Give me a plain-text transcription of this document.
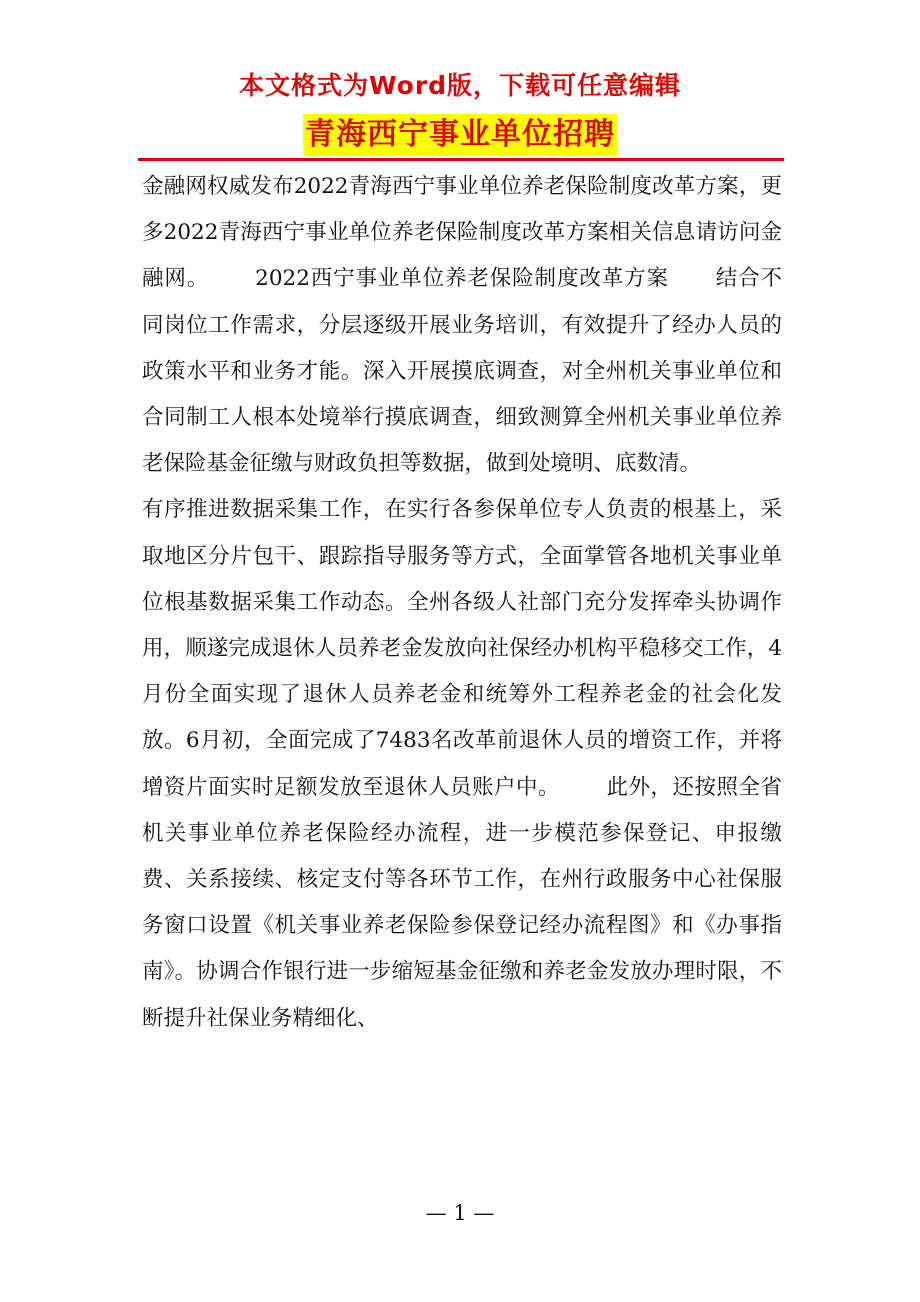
本文格式为Word版，下载可任意编辑
青海西宁事业单位招聘

金融网权威发布2022青海西宁事业单位养老保险制度改革方案，更多2022青海西宁事业单位养老保险制度改革方案相关信息请访问金融网。 2022西宁事业单位养老保险制度改革方案 结合不同岗位工作需求，分层逐级开展业务培训，有效提升了经办人员的政策水平和业务才能。深入开展摸底调查，对全州机关事业单位和合同制工人根本处境举行摸底调查，细致测算全州机关事业单位养老保险基金征缴与财政负担等数据，做到处境明、底数清。

有序推进数据采集工作，在实行各参保单位专人负责的根基上，采取地区分片包干、跟踪指导服务等方式，全面掌管各地机关事业单位根基数据采集工作动态。全州各级人社部门充分发挥牵头协调作用，顺遂完成退休人员养老金发放向社保经办机构平稳移交工作，4月份全面实现了退休人员养老金和统筹外工程养老金的社会化发放。6月初，全面完成了7483名改革前退休人员的增资工作，并将增资片面实时足额发放至退休人员账户中。 此外，还按照全省机关事业单位养老保险经办流程，进一步模范参保登记、申报缴费、关系接续、核定支付等各环节工作，在州行政服务中心社保服务窗口设置《机关事业养老保险参保登记经办流程图》和《办事指南》。协调合作银行进一步缩短基金征缴和养老金发放办理时限，不断提升社保业务精细化、

— 1 —
